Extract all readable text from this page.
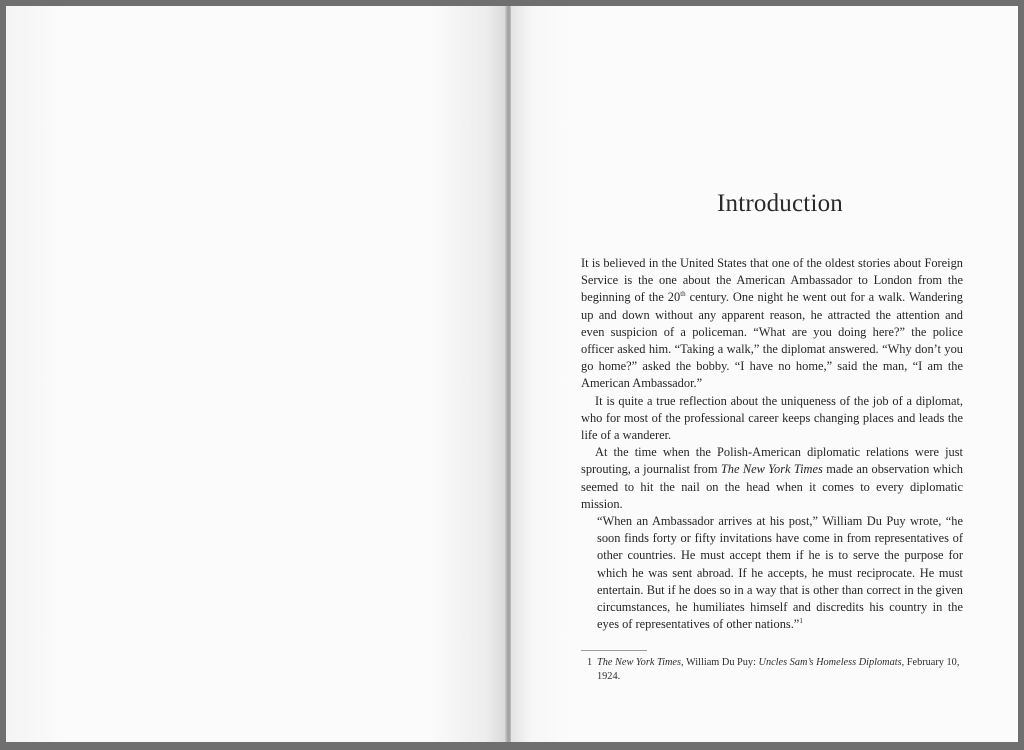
Introduction

It is believed in the United States that one of the oldest stories about Foreign Service is the one about the American Ambassador to London from the beginning of the 20th century. One night he went out for a walk. Wandering up and down without any apparent reason, he attracted the attention and even suspicion of a policeman. “What are you doing here?” the police officer asked him. “Taking a walk,” the diplomat answered. “Why don’t you go home?” asked the bobby. “I have no home,” said the man, “I am the American Ambassador.”

It is quite a true reflection about the uniqueness of the job of a diplomat, who for most of the professional career keeps changing places and leads the life of a wanderer.

At the time when the Polish-American diplomatic relations were just sprouting, a journalist from The New York Times made an observation which seemed to hit the nail on the head when it comes to every diplomatic mission.

“When an Ambassador arrives at his post,” William Du Puy wrote, “he soon finds forty or fifty invitations have come in from representatives of other countries. He must accept them if he is to serve the purpose for which he was sent abroad. If he accepts, he must reciprocate. He must entertain. But if he does so in a way that is other than correct in the given circumstances, he humiliates himself and discredits his country in the eyes of representatives of other nations.”$^1$

1 The New York Times, William Du Puy: Uncles Sam’s Homeless Diplomats, February 10, 1924.
